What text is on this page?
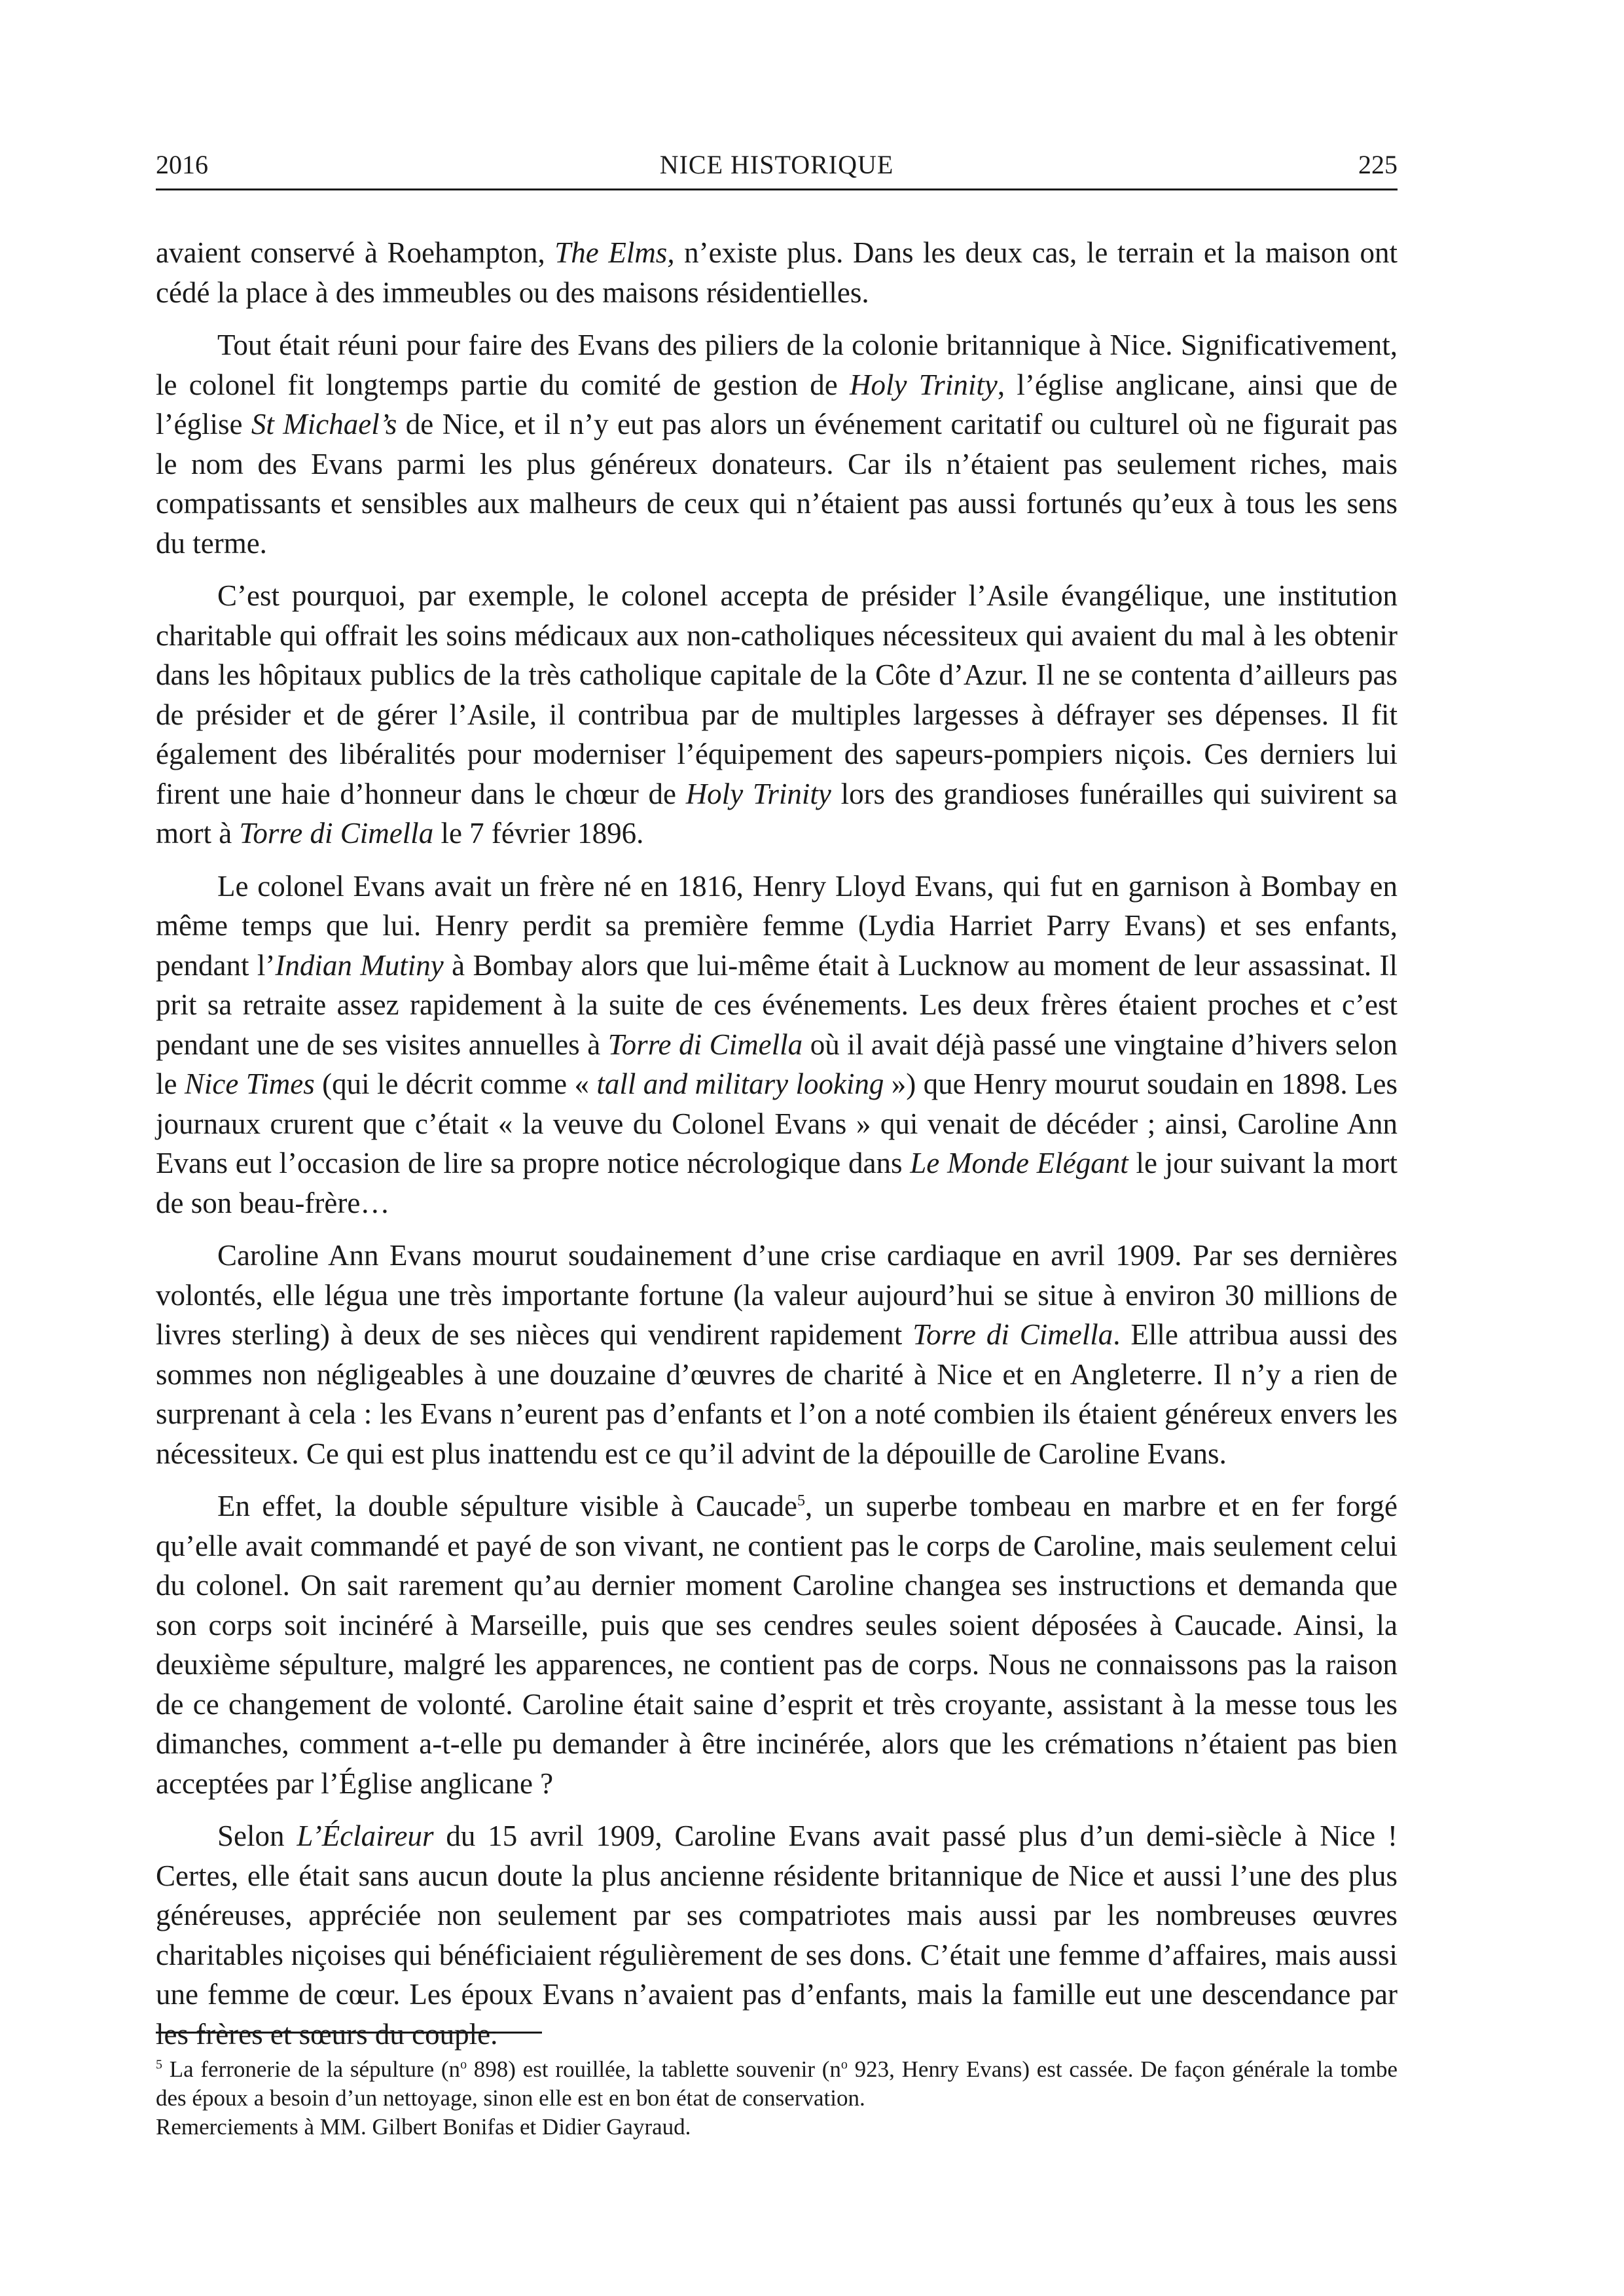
2016	NICE HISTORIQUE	225

avaient conservé à Roehampton, The Elms, n’existe plus. Dans les deux cas, le terrain et la maison ont cédé la place à des immeubles ou des maisons résidentielles.

Tout était réuni pour faire des Evans des piliers de la colonie britannique à Nice. Significativement, le colonel fit longtemps partie du comité de gestion de Holy Trinity, l’église anglicane, ainsi que de l’église St Michael’s de Nice, et il n’y eut pas alors un événement caritatif ou culturel où ne figurait pas le nom des Evans parmi les plus généreux donateurs. Car ils n’étaient pas seulement riches, mais compatissants et sensibles aux malheurs de ceux qui n’étaient pas aussi fortunés qu’eux à tous les sens du terme.

C’est pourquoi, par exemple, le colonel accepta de présider l’Asile évangélique, une institution charitable qui offrait les soins médicaux aux non-catholiques nécessiteux qui avaient du mal à les obtenir dans les hôpitaux publics de la très catholique capitale de la Côte d’Azur. Il ne se contenta d’ailleurs pas de présider et de gérer l’Asile, il contribua par de multiples largesses à défrayer ses dépenses. Il fit également des libéralités pour moderniser l’équipement des sapeurs-pompiers niçois. Ces derniers lui firent une haie d’honneur dans le chœur de Holy Trinity lors des grandioses funérailles qui suivirent sa mort à Torre di Cimella le 7 février 1896.

Le colonel Evans avait un frère né en 1816, Henry Lloyd Evans, qui fut en garnison à Bombay en même temps que lui. Henry perdit sa première femme (Lydia Harriet Parry Evans) et ses enfants, pendant l’Indian Mutiny à Bombay alors que lui-même était à Lucknow au moment de leur assassinat. Il prit sa retraite assez rapidement à la suite de ces événements. Les deux frères étaient proches et c’est pendant une de ses visites annuelles à Torre di Cimella où il avait déjà passé une vingtaine d’hivers selon le Nice Times (qui le décrit comme « tall and military looking ») que Henry mourut soudain en 1898. Les journaux crurent que c’était « la veuve du Colonel Evans » qui venait de décéder ; ainsi, Caroline Ann Evans eut l’occasion de lire sa propre notice nécrologique dans Le Monde Elégant le jour suivant la mort de son beau-frère…

Caroline Ann Evans mourut soudainement d’une crise cardiaque en avril 1909. Par ses dernières volontés, elle légua une très importante fortune (la valeur aujourd’hui se situe à environ 30 millions de livres sterling) à deux de ses nièces qui vendirent rapidement Torre di Cimella. Elle attribua aussi des sommes non négligeables à une douzaine d’œuvres de charité à Nice et en Angleterre. Il n’y a rien de surprenant à cela : les Evans n’eurent pas d’enfants et l’on a noté combien ils étaient généreux envers les nécessiteux. Ce qui est plus inattendu est ce qu’il advint de la dépouille de Caroline Evans.

En effet, la double sépulture visible à Caucade$^5$, un superbe tombeau en marbre et en fer forgé qu’elle avait commandé et payé de son vivant, ne contient pas le corps de Caroline, mais seulement celui du colonel. On sait rarement qu’au dernier moment Caroline changea ses instructions et demanda que son corps soit incinéré à Marseille, puis que ses cendres seules soient déposées à Caucade. Ainsi, la deuxième sépulture, malgré les apparences, ne contient pas de corps. Nous ne connaissons pas la raison de ce changement de volonté. Caroline était saine d’esprit et très croyante, assistant à la messe tous les dimanches, comment a-t-elle pu demander à être incinérée, alors que les crémations n’étaient pas bien acceptées par l’Église anglicane ?

Selon L’Éclaireur du 15 avril 1909, Caroline Evans avait passé plus d’un demi-siècle à Nice ! Certes, elle était sans aucun doute la plus ancienne résidente britannique de Nice et aussi l’une des plus généreuses, appréciée non seulement par ses compatriotes mais aussi par les nombreuses œuvres charitables niçoises qui bénéficiaient régulièrement de ses dons. C’était une femme d’affaires, mais aussi une femme de cœur. Les époux Evans n’avaient pas d’enfants, mais la famille eut une descendance par les frères et sœurs du couple.

$^5$ La ferronerie de la sépulture (n$^o$ 898) est rouillée, la tablette souvenir (n$^o$ 923, Henry Evans) est cassée. De façon générale la tombe des époux a besoin d’un nettoyage, sinon elle est en bon état de conservation.

Remerciements à MM. Gilbert Bonifas et Didier Gayraud.
